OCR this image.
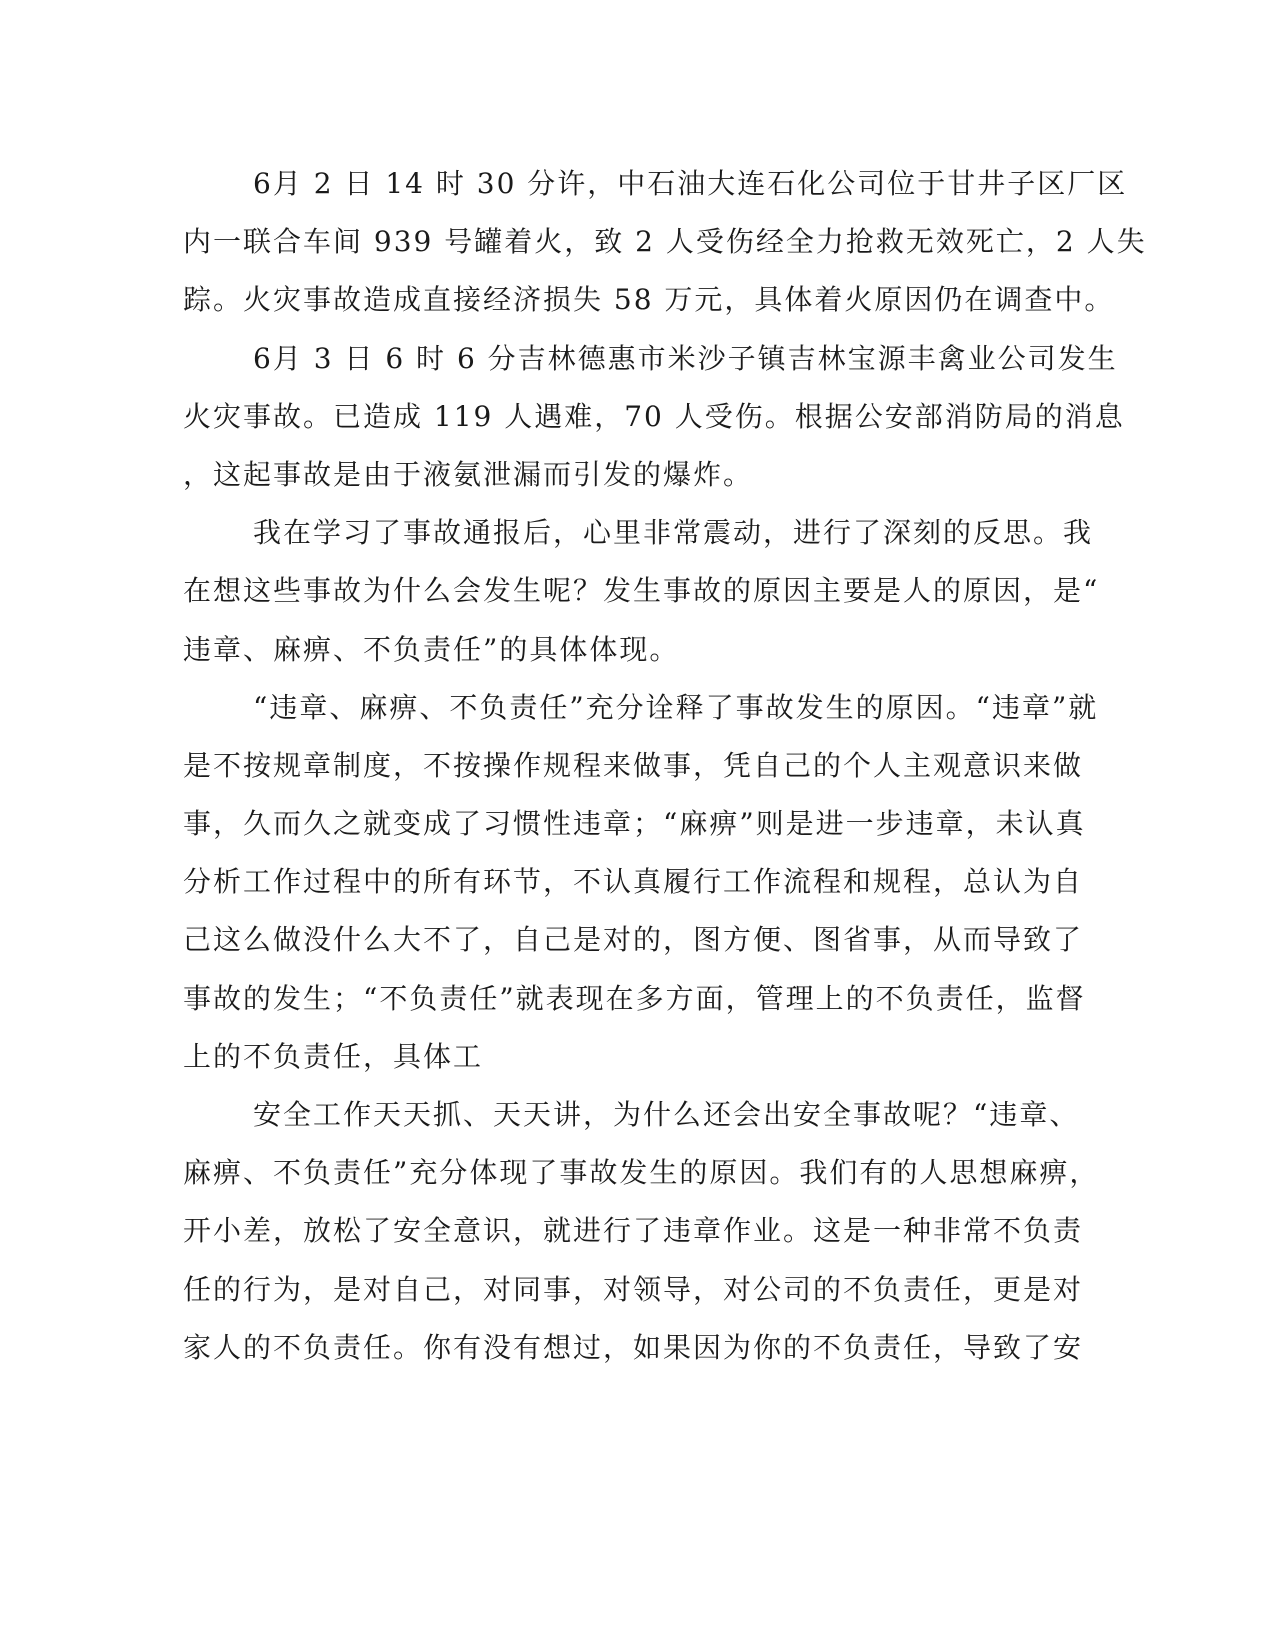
6月 2 日 14 时 30 分许，中石油大连石化公司位于甘井子区厂区
内一联合车间 939 号罐着火，致 2 人受伤经全力抢救无效死亡，2 人失
踪。火灾事故造成直接经济损失 58 万元，具体着火原因仍在调查中。
6月 3 日 6 时 6 分吉林德惠市米沙子镇吉林宝源丰禽业公司发生
火灾事故。已造成 119 人遇难，70 人受伤。根据公安部消防局的消息
，这起事故是由于液氨泄漏而引发的爆炸。
我在学习了事故通报后，心里非常震动，进行了深刻的反思。我
在想这些事故为什么会发生呢？发生事故的原因主要是人的原因，是“
违章、麻痹、不负责任”的具体体现。
“违章、麻痹、不负责任”充分诠释了事故发生的原因。“违章”就
是不按规章制度，不按操作规程来做事，凭自己的个人主观意识来做
事，久而久之就变成了习惯性违章；“麻痹”则是进一步违章，未认真
分析工作过程中的所有环节，不认真履行工作流程和规程，总认为自
己这么做没什么大不了，自己是对的，图方便、图省事，从而导致了
事故的发生；“不负责任”就表现在多方面，管理上的不负责任，监督
上的不负责任，具体工
安全工作天天抓、天天讲，为什么还会出安全事故呢？“违章、
麻痹、不负责任”充分体现了事故发生的原因。我们有的人思想麻痹，
开小差，放松了安全意识，就进行了违章作业。这是一种非常不负责
任的行为，是对自己，对同事，对领导，对公司的不负责任，更是对
家人的不负责任。你有没有想过，如果因为你的不负责任，导致了安
